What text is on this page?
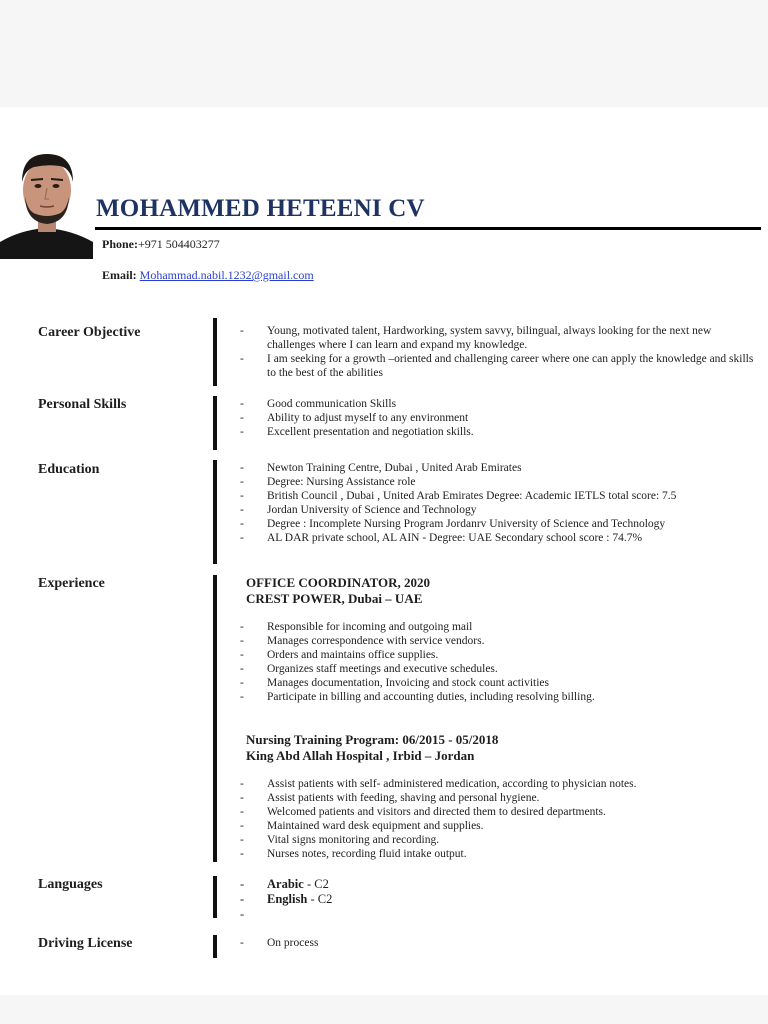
MOHAMMED HETEENI CV
Phone:+971 504403277
Email: Mohammad.nabil.1232@gmail.com
Career Objective	- Young, motivated talent, Hardworking, system savvy, bilingual, always looking for the next new challenges where I can learn and expand my knowledge.
- I am seeking for a growth –oriented and challenging career where one can apply the knowledge and skills to the best of the abilities
Personal Skills	- Good communication Skills
- Ability to adjust myself to any environment
- Excellent presentation and negotiation skills.
Education	- Newton Training Centre, Dubai , United Arab Emirates
- Degree: Nursing Assistance role
- British Council , Dubai , United Arab Emirates Degree: Academic IETLS total score: 7.5
- Jordan University of Science and Technology
- Degree : Incomplete Nursing Program Jordanrv University of Science and Technology
- AL DAR private school, AL AIN - Degree: UAE Secondary school score : 74.7%
Experience	OFFICE COORDINATOR, 2020
CREST POWER, Dubai – UAE
- Responsible for incoming and outgoing mail
- Manages correspondence with service vendors.
- Orders and maintains office supplies.
- Organizes staff meetings and executive schedules.
- Manages documentation, Invoicing and stock count activities
- Participate in billing and accounting duties, including resolving billing.
Nursing Training Program: 06/2015 - 05/2018
King Abd Allah Hospital , Irbid – Jordan
- Assist patients with self- administered medication, according to physician notes.
- Assist patients with feeding, shaving and personal hygiene.
- Welcomed patients and visitors and directed them to desired departments.
- Maintained ward desk equipment and supplies.
- Vital signs monitoring and recording.
- Nurses notes, recording fluid intake output.
Languages	- Arabic - C2
- English - C2
-
Driving License	- On process
